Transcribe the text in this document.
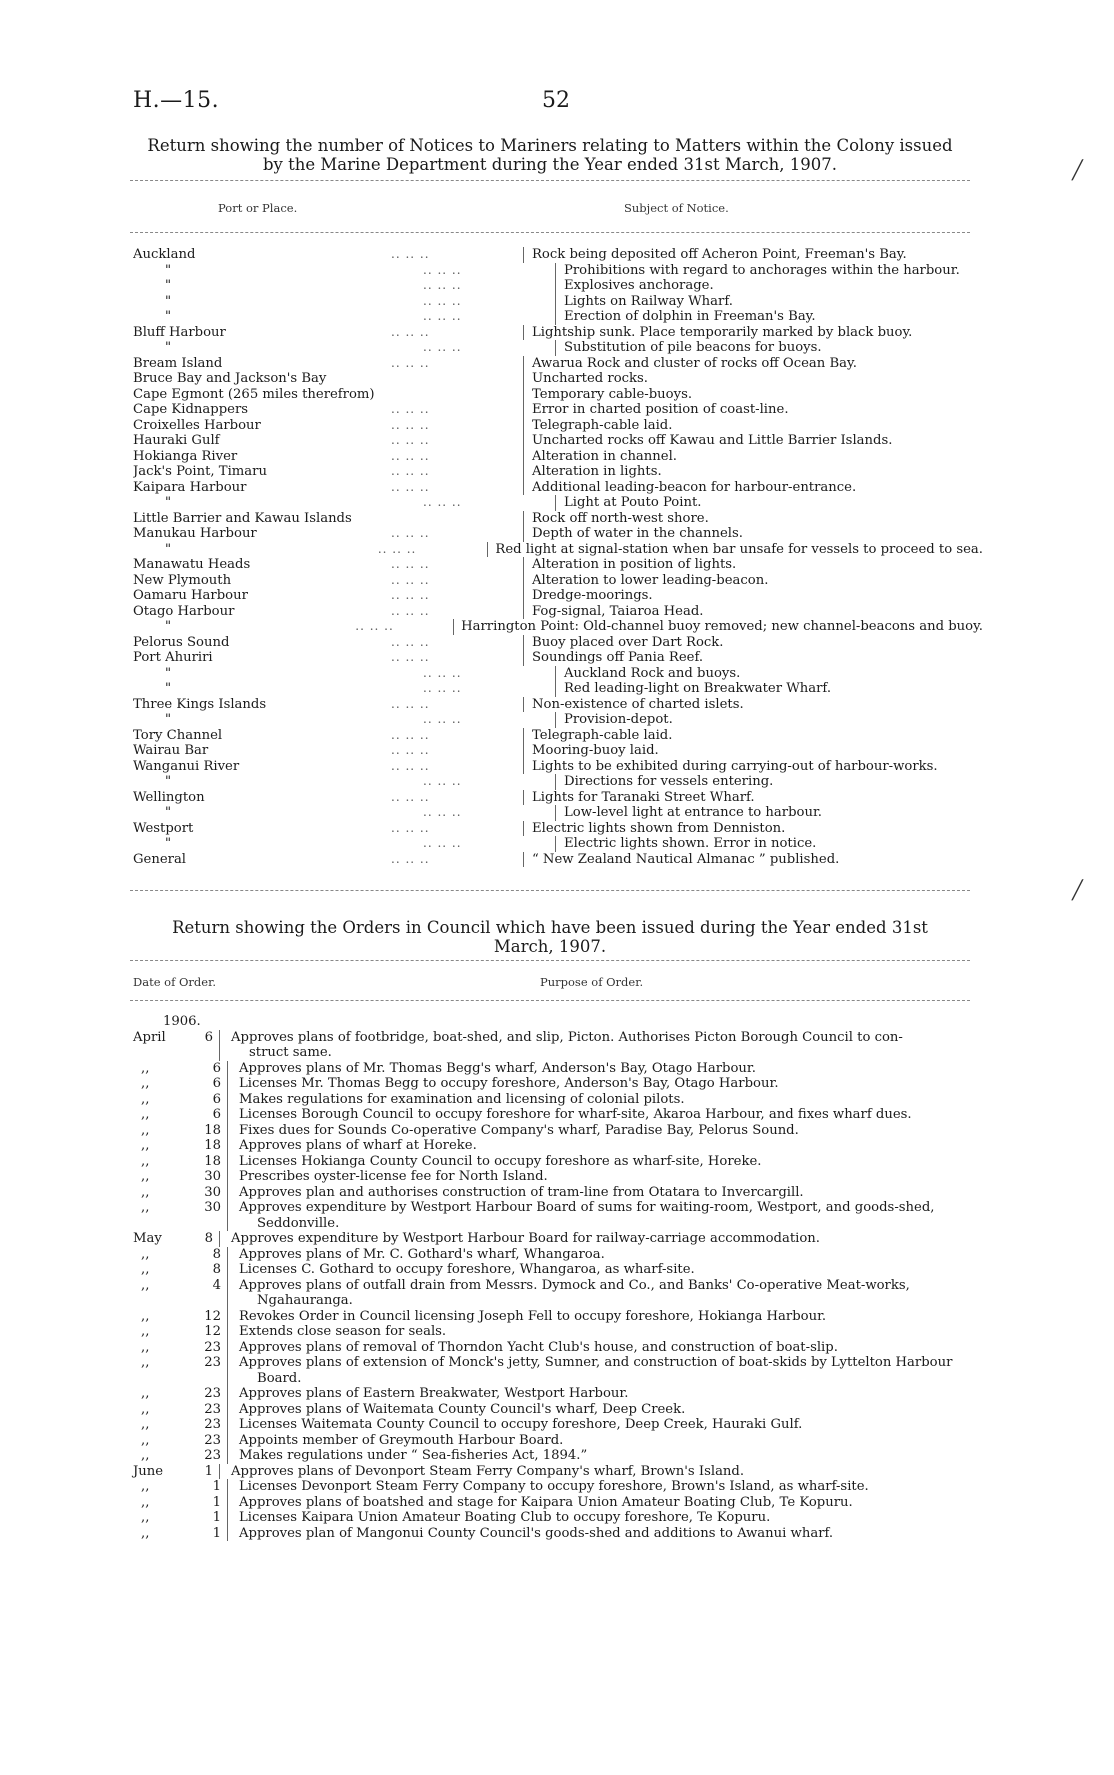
H.—15.	52
Return showing the number of Notices to Mariners relating to Matters within the Colony issued
by the Marine Department during the Year ended 31st March, 1907.
Port or Place.	Subject of Notice.
Auckland	.. .. ..	Rock being deposited off Acheron Point, Freeman's Bay.
"	.. .. ..	Prohibitions with regard to anchorages within the harbour.
"	.. .. ..	Explosives anchorage.
"	.. .. ..	Lights on Railway Wharf.
"	.. .. ..	Erection of dolphin in Freeman's Bay.
Bluff Harbour	.. .. ..	Lightship sunk. Place temporarily marked by black buoy.
"	.. .. ..	Substitution of pile beacons for buoys.
Bream Island	.. .. ..	Awarua Rock and cluster of rocks off Ocean Bay.
Bruce Bay and Jackson's Bay	Uncharted rocks.
Cape Egmont (265 miles therefrom)	Temporary cable-buoys.
Cape Kidnappers	.. .. ..	Error in charted position of coast-line.
Croixelles Harbour	.. .. ..	Telegraph-cable laid.
Hauraki Gulf	.. .. ..	Uncharted rocks off Kawau and Little Barrier Islands.
Hokianga River	.. .. ..	Alteration in channel.
Jack's Point, Timaru	.. .. ..	Alteration in lights.
Kaipara Harbour	.. .. ..	Additional leading-beacon for harbour-entrance.
"	.. .. ..	Light at Pouto Point.
Little Barrier and Kawau Islands	Rock off north-west shore.
Manukau Harbour	.. .. ..	Depth of water in the channels.
"	.. .. ..	Red light at signal-station when bar unsafe for vessels to proceed to sea.
Manawatu Heads	.. .. ..	Alteration in position of lights.
New Plymouth	.. .. ..	Alteration to lower leading-beacon.
Oamaru Harbour	.. .. ..	Dredge-moorings.
Otago Harbour	.. .. ..	Fog-signal, Taiaroa Head.
"	.. .. ..	Harrington Point: Old-channel buoy removed; new channel-beacons and buoy.
Pelorus Sound	.. .. ..	Buoy placed over Dart Rock.
Port Ahuriri	.. .. ..	Soundings off Pania Reef.
"	.. .. ..	Auckland Rock and buoys.
"	.. .. ..	Red leading-light on Breakwater Wharf.
Three Kings Islands	.. .. ..	Non-existence of charted islets.
"	.. .. ..	Provision-depot.
Tory Channel	.. .. ..	Telegraph-cable laid.
Wairau Bar	.. .. ..	Mooring-buoy laid.
Wanganui River	.. .. ..	Lights to be exhibited during carrying-out of harbour-works.
"	.. .. ..	Directions for vessels entering.
Wellington	.. .. ..	Lights for Taranaki Street Wharf.
"	.. .. ..	Low-level light at entrance to harbour.
Westport	.. .. ..	Electric lights shown from Denniston.
"	.. .. ..	Electric lights shown. Error in notice.
General	.. .. ..	“ New Zealand Nautical Almanac ” published.
Return showing the Orders in Council which have been issued during the Year ended 31st
March, 1907.
Date of Order.	Purpose of Order.
1906.
April	6	Approves plans of footbridge, boat-shed, and slip, Picton. Authorises Picton Borough Council to con-
struct same.
,,	6	Approves plans of Mr. Thomas Begg's wharf, Anderson's Bay, Otago Harbour.
,,	6	Licenses Mr. Thomas Begg to occupy foreshore, Anderson's Bay, Otago Harbour.
,,	6	Makes regulations for examination and licensing of colonial pilots.
,,	6	Licenses Borough Council to occupy foreshore for wharf-site, Akaroa Harbour, and fixes wharf dues.
,,	18	Fixes dues for Sounds Co-operative Company's wharf, Paradise Bay, Pelorus Sound.
,,	18	Approves plans of wharf at Horeke.
,,	18	Licenses Hokianga County Council to occupy foreshore as wharf-site, Horeke.
,,	30	Prescribes oyster-license fee for North Island.
,,	30	Approves plan and authorises construction of tram-line from Otatara to Invercargill.
,,	30	Approves expenditure by Westport Harbour Board of sums for waiting-room, Westport, and goods-shed,
Seddonville.
May	8	Approves expenditure by Westport Harbour Board for railway-carriage accommodation.
,,	8	Approves plans of Mr. C. Gothard's wharf, Whangaroa.
,,	8	Licenses C. Gothard to occupy foreshore, Whangaroa, as wharf-site.
,,	4	Approves plans of outfall drain from Messrs. Dymock and Co., and Banks' Co-operative Meat-works,
Ngahauranga.
,,	12	Revokes Order in Council licensing Joseph Fell to occupy foreshore, Hokianga Harbour.
,,	12	Extends close season for seals.
,,	23	Approves plans of removal of Thorndon Yacht Club's house, and construction of boat-slip.
,,	23	Approves plans of extension of Monck's jetty, Sumner, and construction of boat-skids by Lyttelton Harbour
Board.
,,	23	Approves plans of Eastern Breakwater, Westport Harbour.
,,	23	Approves plans of Waitemata County Council's wharf, Deep Creek.
,,	23	Licenses Waitemata County Council to occupy foreshore, Deep Creek, Hauraki Gulf.
,,	23	Appoints member of Greymouth Harbour Board.
,,	23	Makes regulations under “ Sea-fisheries Act, 1894.”
June	1	Approves plans of Devonport Steam Ferry Company's wharf, Brown's Island.
,,	1	Licenses Devonport Steam Ferry Company to occupy foreshore, Brown's Island, as wharf-site.
,,	1	Approves plans of boatshed and stage for Kaipara Union Amateur Boating Club, Te Kopuru.
,,	1	Licenses Kaipara Union Amateur Boating Club to occupy foreshore, Te Kopuru.
,,	1	Approves plan of Mangonui County Council's goods-shed and additions to Awanui wharf.
╱
╱
